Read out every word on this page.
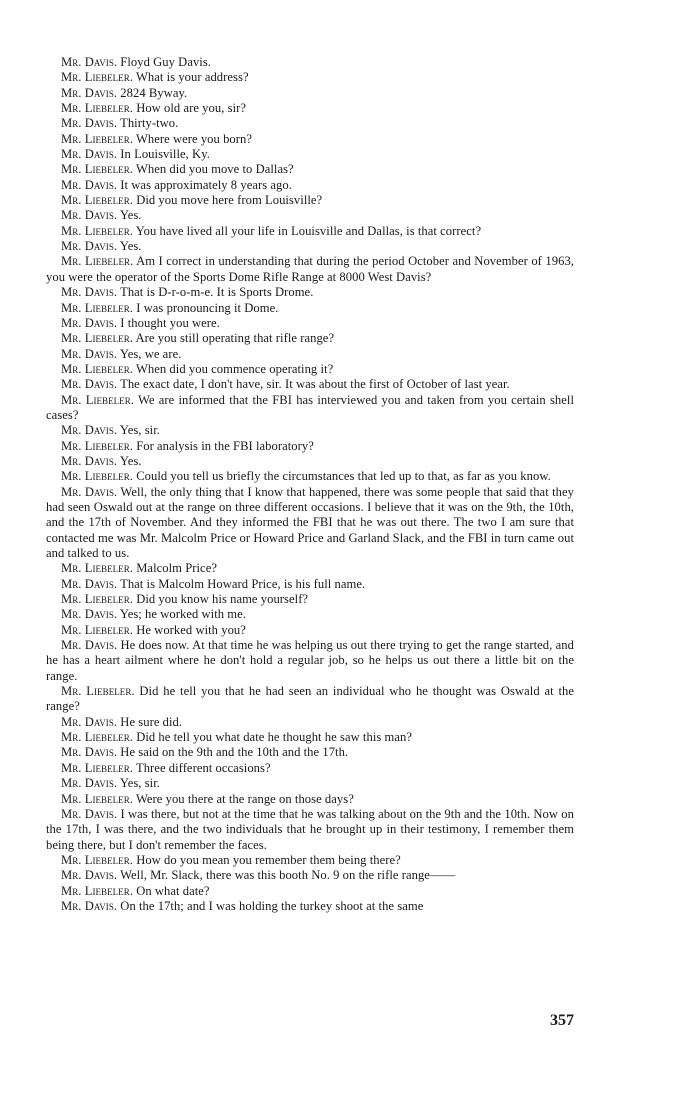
Mr. Davis. Floyd Guy Davis.

Mr. Liebeler. What is your address?

Mr. Davis. 2824 Byway.

Mr. Liebeler. How old are you, sir?

Mr. Davis. Thirty-two.

Mr. Liebeler. Where were you born?

Mr. Davis. In Louisville, Ky.

Mr. Liebeler. When did you move to Dallas?

Mr. Davis. It was approximately 8 years ago.

Mr. Liebeler. Did you move here from Louisville?

Mr. Davis. Yes.

Mr. Liebeler. You have lived all your life in Louisville and Dallas, is that correct?

Mr. Davis. Yes.

Mr. Liebeler. Am I correct in understanding that during the period October and November of 1963, you were the operator of the Sports Dome Rifle Range at 8000 West Davis?

Mr. Davis. That is D-r-o-m-e. It is Sports Drome.

Mr. Liebeler. I was pronouncing it Dome.

Mr. Davis. I thought you were.

Mr. Liebeler. Are you still operating that rifle range?

Mr. Davis. Yes, we are.

Mr. Liebeler. When did you commence operating it?

Mr. Davis. The exact date, I don't have, sir. It was about the first of October of last year.

Mr. Liebeler. We are informed that the FBI has interviewed you and taken from you certain shell cases?

Mr. Davis. Yes, sir.

Mr. Liebeler. For analysis in the FBI laboratory?

Mr. Davis. Yes.

Mr. Liebeler. Could you tell us briefly the circumstances that led up to that, as far as you know.

Mr. Davis. Well, the only thing that I know that happened, there was some people that said that they had seen Oswald out at the range on three different occasions. I believe that it was on the 9th, the 10th, and the 17th of November. And they informed the FBI that he was out there. The two I am sure that contacted me was Mr. Malcolm Price or Howard Price and Garland Slack, and the FBI in turn came out and talked to us.

Mr. Liebeler. Malcolm Price?

Mr. Davis. That is Malcolm Howard Price, is his full name.

Mr. Liebeler. Did you know his name yourself?

Mr. Davis. Yes; he worked with me.

Mr. Liebeler. He worked with you?

Mr. Davis. He does now. At that time he was helping us out there trying to get the range started, and he has a heart ailment where he don't hold a regular job, so he helps us out there a little bit on the range.

Mr. Liebeler. Did he tell you that he had seen an individual who he thought was Oswald at the range?

Mr. Davis. He sure did.

Mr. Liebeler. Did he tell you what date he thought he saw this man?

Mr. Davis. He said on the 9th and the 10th and the 17th.

Mr. Liebeler. Three different occasions?

Mr. Davis. Yes, sir.

Mr. Liebeler. Were you there at the range on those days?

Mr. Davis. I was there, but not at the time that he was talking about on the 9th and the 10th. Now on the 17th, I was there, and the two individuals that he brought up in their testimony, I remember them being there, but I don't remember the faces.

Mr. Liebeler. How do you mean you remember them being there?

Mr. Davis. Well, Mr. Slack, there was this booth No. 9 on the rifle range——

Mr. Liebeler. On what date?

Mr. Davis. On the 17th; and I was holding the turkey shoot at the same

357
